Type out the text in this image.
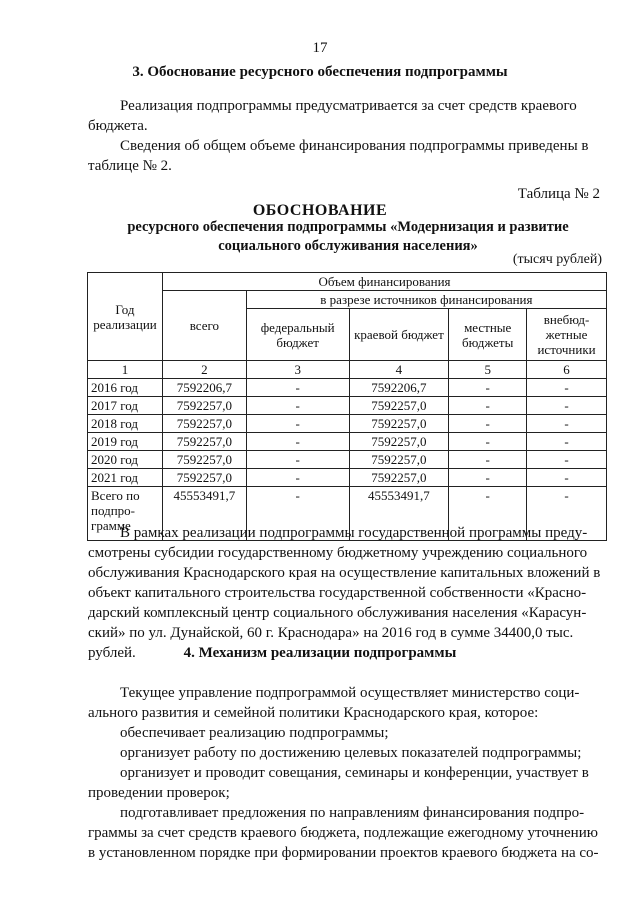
17
3. Обоснование ресурсного обеспечения подпрограммы
Реализация подпрограммы предусматривается за счет средств краевого
бюджета.
Сведения об общем объеме финансирования подпрограммы приведены в
таблице № 2.
Таблица № 2
ОБОСНОВАНИЕ
ресурсного обеспечения подпрограммы «Модернизация и развитие
социального обслуживания населения»
(тысяч рублей)
Год реализации	Объем финансирования				
	всего	в разрезе источников финансирования			
		федеральный бюджет	краевой бюджет	местные бюджеты	внебюд-жетные источники
1	2	3	4	5	6
2016 год	7592206,7	-	7592206,7	-	-
2017 год	7592257,0	-	7592257,0	-	-
2018 год	7592257,0	-	7592257,0	-	-
2019 год	7592257,0	-	7592257,0	-	-
2020 год	7592257,0	-	7592257,0	-	-
2021 год	7592257,0	-	7592257,0	-	-
Всего по подпро-грамме	45553491,7	-	45553491,7	-	-
В рамках реализации подпрограммы государственной программы преду-
смотрены субсидии государственному бюджетному учреждению социального
обслуживания Краснодарского края на осуществление капитальных вложений в
объект капитального строительства государственной собственности «Красно-
дарский комплексный центр социального обслуживания населения «Карасун-
ский» по ул. Дунайской, 60 г. Краснодара» на 2016 год в сумме 34400,0 тыс.
рублей.	4. Механизм реализации подпрограммы
Текущее управление подпрограммой осуществляет министерство соци-
ального развития и семейной политики Краснодарского края, которое:
обеспечивает реализацию подпрограммы;
организует работу по достижению целевых показателей подпрограммы;
организует и проводит совещания, семинары и конференции, участвует в
проведении проверок;
подготавливает предложения по направлениям финансирования подпро-
граммы за счет средств краевого бюджета, подлежащие ежегодному уточнению
в установленном порядке при формировании проектов краевого бюджета на со-
